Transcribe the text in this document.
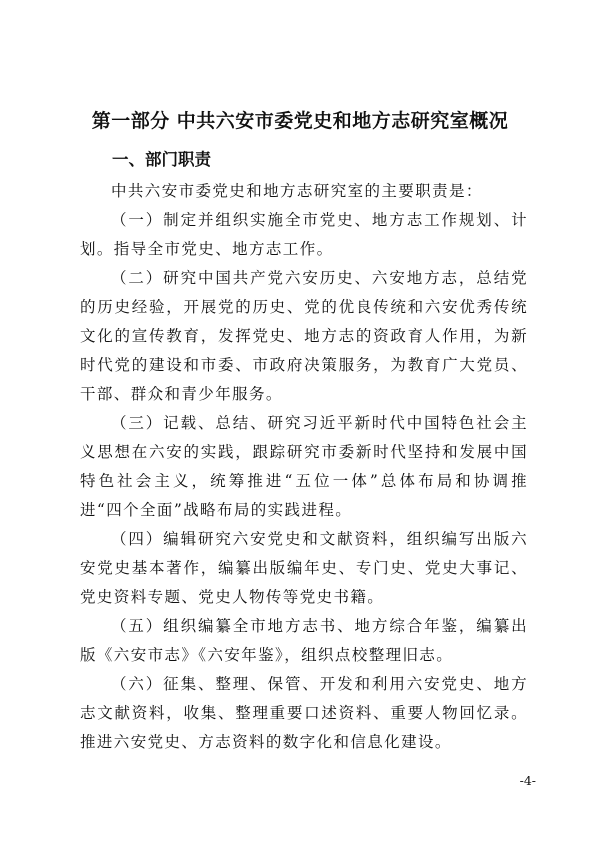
第一部分 中共六安市委党史和地方志研究室概况
一、部门职责

中共六安市委党史和地方志研究室的主要职责是：

（一）制定并组织实施全市党史、地方志工作规划、计划。指导全市党史、地方志工作。

（二）研究中国共产党六安历史、六安地方志，总结党的历史经验，开展党的历史、党的优良传统和六安优秀传统文化的宣传教育，发挥党史、地方志的资政育人作用，为新时代党的建设和市委、市政府决策服务，为教育广大党员、干部、群众和青少年服务。

（三）记载、总结、研究习近平新时代中国特色社会主义思想在六安的实践，跟踪研究市委新时代坚持和发展中国特色社会主义，统筹推进“五位一体”总体布局和协调推进“四个全面”战略布局的实践进程。

（四）编辑研究六安党史和文献资料，组织编写出版六安党史基本著作，编纂出版编年史、专门史、党史大事记、党史资料专题、党史人物传等党史书籍。

（五）组织编纂全市地方志书、地方综合年鉴，编纂出版《六安市志》《六安年鉴》，组织点校整理旧志。

（六）征集、整理、保管、开发和利用六安党史、地方志文献资料，收集、整理重要口述资料、重要人物回忆录。推进六安党史、方志资料的数字化和信息化建设。

-4-
